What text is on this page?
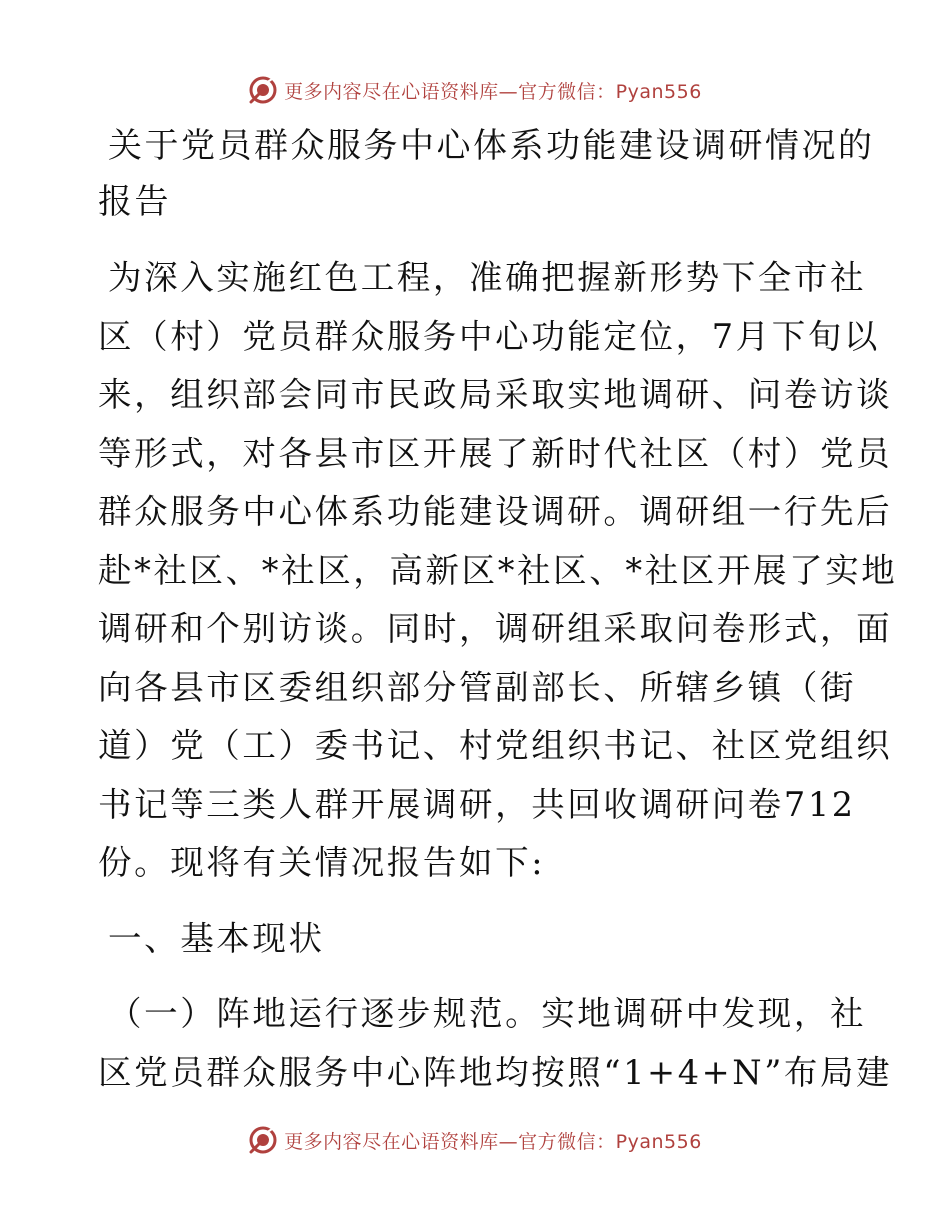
更多内容尽在心语资料库—官方微信：Pyan556
关于党员群众服务中心体系功能建设调研情况的
报告
为深入实施红色工程，准确把握新形势下全市社
区（村）党员群众服务中心功能定位，7月下旬以
来，组织部会同市民政局采取实地调研、问卷访谈
等形式，对各县市区开展了新时代社区（村）党员
群众服务中心体系功能建设调研。调研组一行先后
赴*社区、*社区，高新区*社区、*社区开展了实地
调研和个别访谈。同时，调研组采取问卷形式，面
向各县市区委组织部分管副部长、所辖乡镇（街
道）党（工）委书记、村党组织书记、社区党组织
书记等三类人群开展调研，共回收调研问卷712
份。现将有关情况报告如下:
一、基本现状
（一）阵地运行逐步规范。实地调研中发现，社
区党员群众服务中心阵地均按照“1+4+N”布局建
更多内容尽在心语资料库—官方微信：Pyan556
